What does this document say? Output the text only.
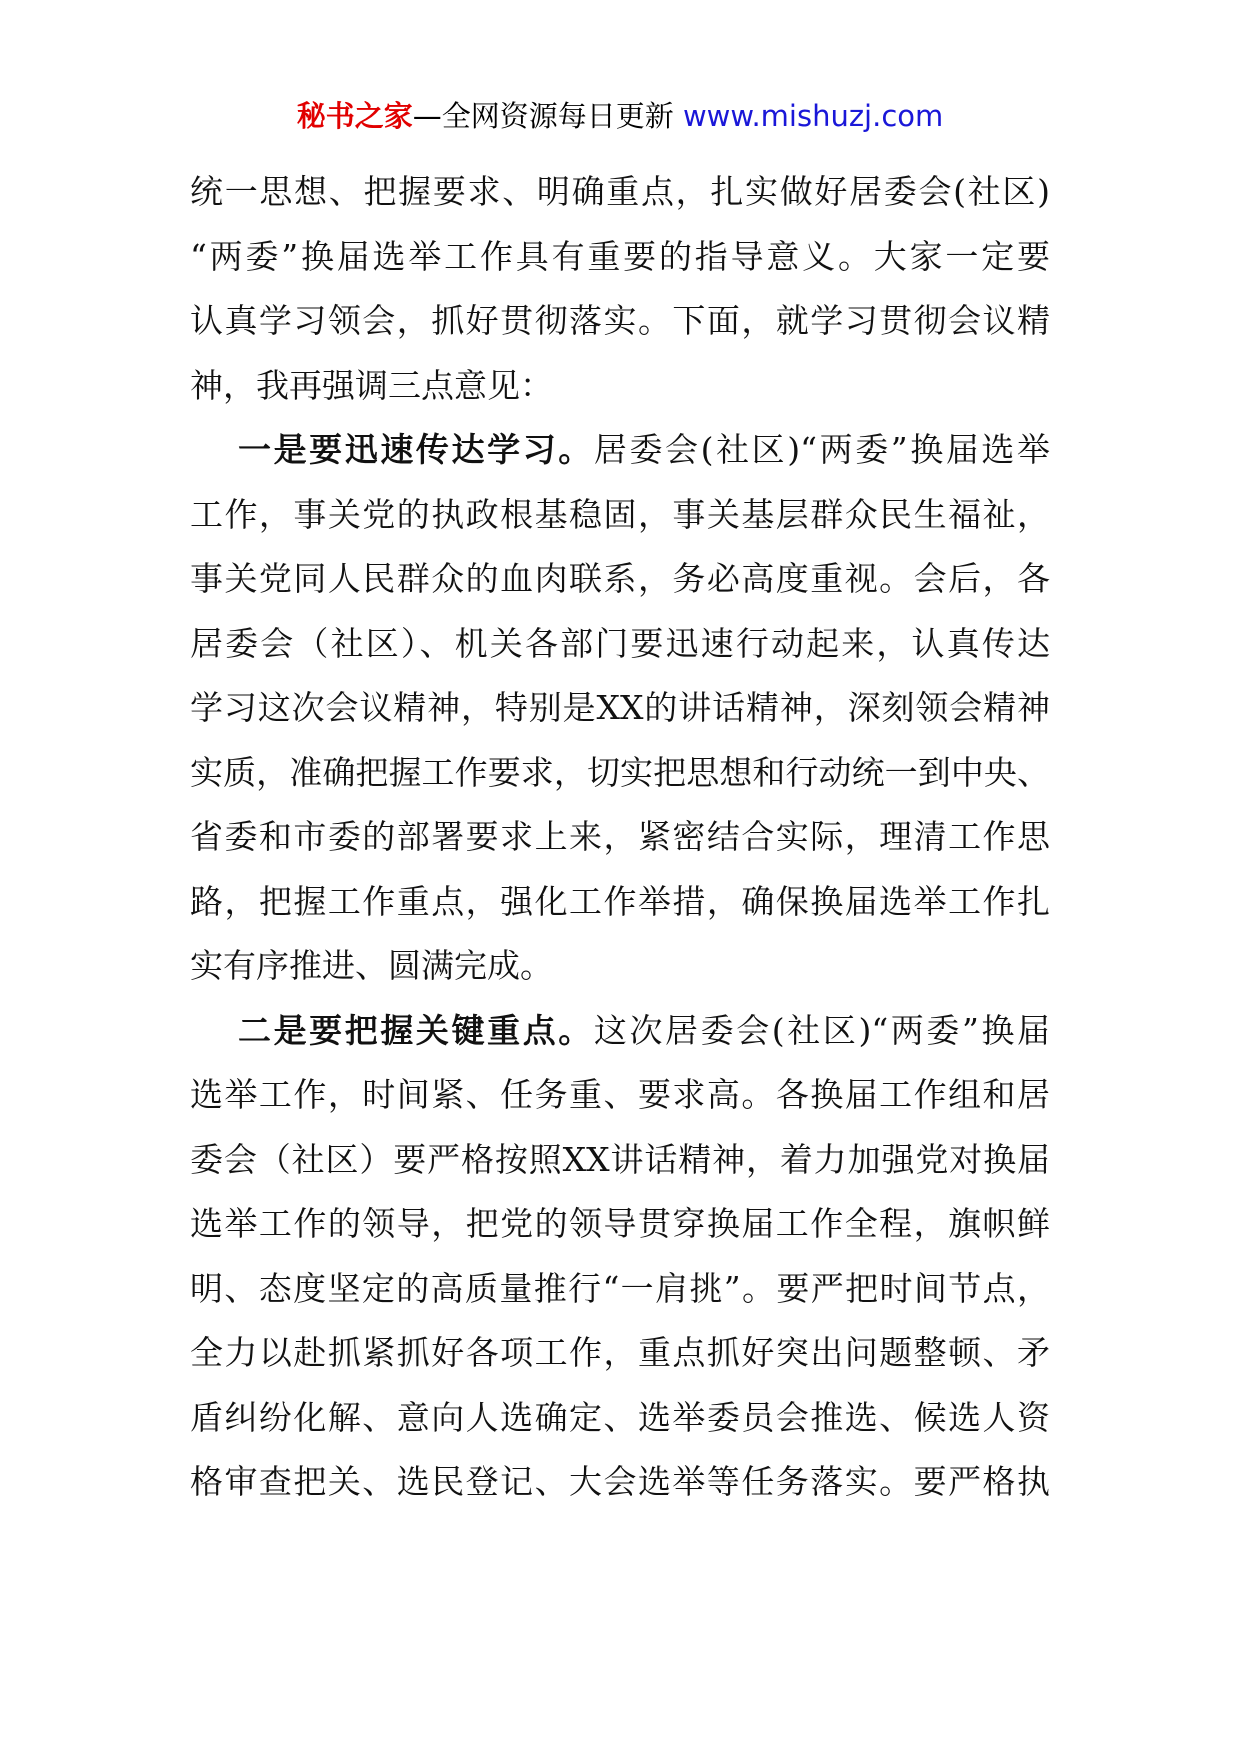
秘书之家—全网资源每日更新 www.mishuzj.com
统一思想、把握要求、明确重点，扎实做好居委会(社区)
“两委”换届选举工作具有重要的指导意义。大家一定要
认真学习领会，抓好贯彻落实。下面，就学习贯彻会议精
神，我再强调三点意见：
一是要迅速传达学习。居委会(社区)“两委”换届选举
工作，事关党的执政根基稳固，事关基层群众民生福祉，
事关党同人民群众的血肉联系，务必高度重视。会后，各
居委会（社区）、机关各部门要迅速行动起来，认真传达
学习这次会议精神，特别是XX的讲话精神，深刻领会精神
实质，准确把握工作要求，切实把思想和行动统一到中央、
省委和市委的部署要求上来，紧密结合实际，理清工作思
路，把握工作重点，强化工作举措，确保换届选举工作扎
实有序推进、圆满完成。
二是要把握关键重点。这次居委会(社区)“两委”换届
选举工作，时间紧、任务重、要求高。各换届工作组和居
委会（社区）要严格按照XX讲话精神，着力加强党对换届
选举工作的领导，把党的领导贯穿换届工作全程，旗帜鲜
明、态度坚定的高质量推行“一肩挑”。要严把时间节点，
全力以赴抓紧抓好各项工作，重点抓好突出问题整顿、矛
盾纠纷化解、意向人选确定、选举委员会推选、候选人资
格审查把关、选民登记、大会选举等任务落实。要严格执
